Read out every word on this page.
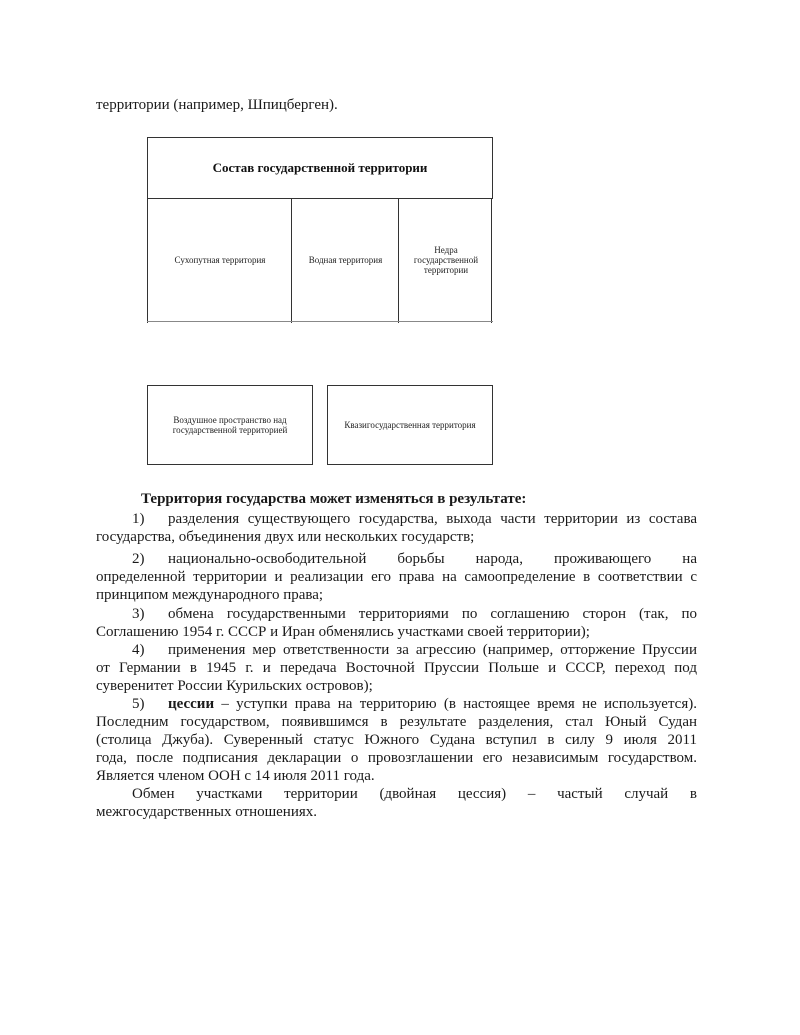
территории (например, Шпицберген).
Состав государственной территории
Сухопутная территория	Водная территория
Недра государственной территории
Воздушное пространство над государственной территорией	Квазигосударственная территория
Территория государства может изменяться в результате:
1) разделения существующего государства, выхода части территории из состава
государства, объединения двух или нескольких государств;
2) национально-освободительной борьбы народа, проживающего на
определенной территории и реализации его права на самоопределение в соответствии с
принципом международного права;
3) обмена государственными территориями по соглашению сторон (так, по
Соглашению 1954 г. СССР и Иран обменялись участками своей территории);
4) применения мер ответственности за агрессию (например, отторжение Пруссии
от Германии в 1945 г. и передача Восточной Пруссии Польше и СССР, переход под
суверенитет России Курильских островов);
5) цессии – уступки права на территорию (в настоящее время не используется).
Последним государством, появившимся в результате разделения, стал Юный Судан
(столица Джуба). Суверенный статус Южного Судана вступил в силу 9 июля 2011
года, после подписания декларации о провозглашении его независимым государством.
Является членом ООН с 14 июля 2011 года.
Обмен участками территории (двойная цессия) – частый случай в
межгосударственных отношениях.
